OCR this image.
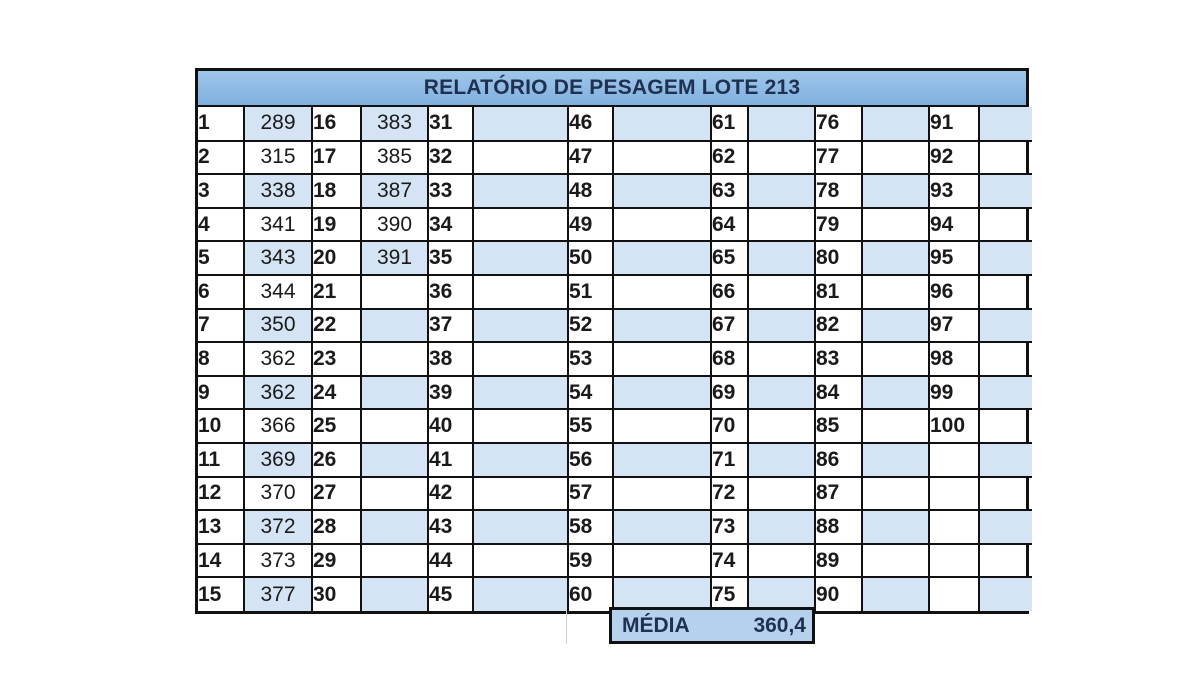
RELATÓRIO DE PESAGEM LOTE 213
1	289	16	383	31		46		61		76		91	
2	315	17	385	32		47		62		77		92	
3	338	18	387	33		48		63		78		93	
4	341	19	390	34		49		64		79		94	
5	343	20	391	35		50		65		80		95	
6	344	21		36		51		66		81		96	
7	350	22		37		52		67		82		97	
8	362	23		38		53		68		83		98	
9	362	24		39		54		69		84		99	
10	366	25		40		55		70		85		100	
11	369	26		41		56		71		86			
12	370	27		42		57		72		87			
13	372	28		43		58		73		88			
14	373	29		44		59		74		89			
15	377	30		45		60		75		90			
MÉDIA	360,4
